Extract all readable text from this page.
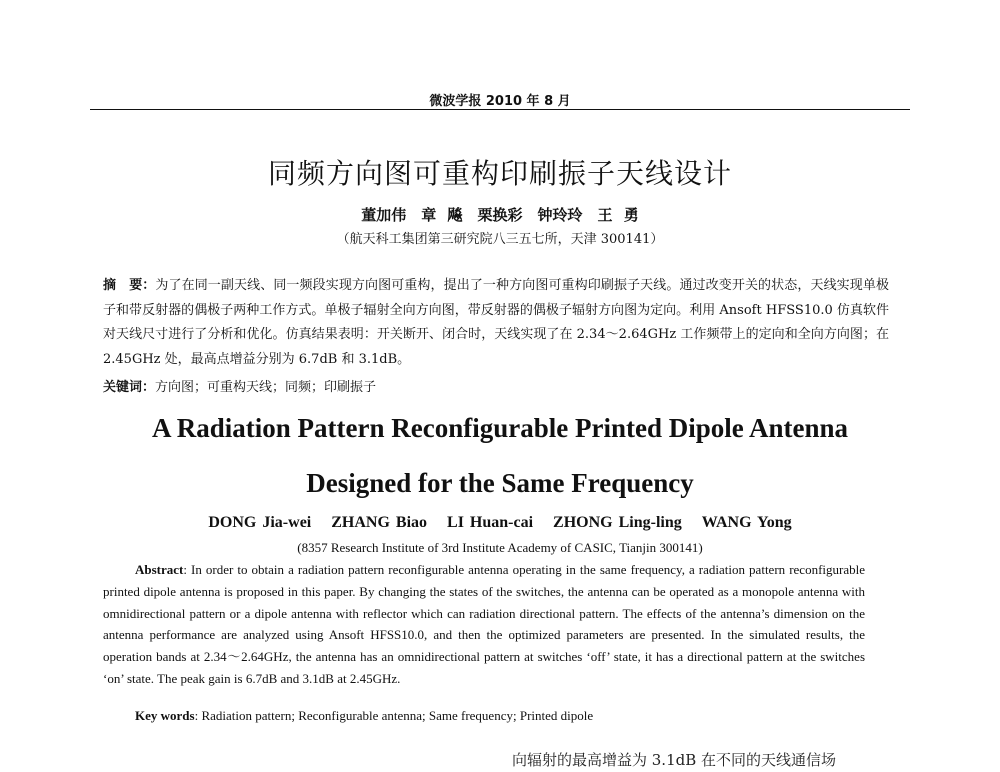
微波学报 2010 年 8 月
同频方向图可重构印刷振子天线设计
董加伟　章 飚　栗换彩　钟玲玲　王 勇
（航天科工集团第三研究院八三五七所，天津 300141）
摘　要：为了在同一副天线、同一频段实现方向图可重构，提出了一种方向图可重构印刷振子天线。通过改变开关的状态，天线实现单极子和带反射器的偶极子两种工作方式。单极子辐射全向方向图，带反射器的偶极子辐射方向图为定向。利用 Ansoft HFSS10.0 仿真软件对天线尺寸进行了分析和优化。仿真结果表明：开关断开、闭合时，天线实现了在 2.34～2.64GHz 工作频带上的定向和全向方向图；在 2.45GHz 处，最高点增益分别为 6.7dB 和 3.1dB。
关键词：方向图；可重构天线；同频；印刷振子
A Radiation Pattern Reconfigurable Printed Dipole Antenna
Designed for the Same Frequency
DONG Jia-wei ZHANG Biao LI Huan-cai ZHONG Ling-ling WANG Yong
(8357 Research Institute of 3rd Institute Academy of CASIC, Tianjin 300141)
Abstract: In order to obtain a radiation pattern reconfigurable antenna operating in the same frequency, a radiation pattern reconfigurable printed dipole antenna is proposed in this paper. By changing the states of the switches, the antenna can be operated as a monopole antenna with omnidirectional pattern or a dipole antenna with reflector which can radiation directional pattern. The effects of the antenna’s dimension on the antenna performance are analyzed using Ansoft HFSS10.0, and then the optimized parameters are presented. In the simulated results, the operation bands at 2.34～2.64GHz, the antenna has an omnidirectional pattern at switches ‘off’ state, it has a directional pattern at the switches ‘on’ state. The peak gain is 6.7dB and 3.1dB at 2.45GHz.
Key words: Radiation pattern; Reconfigurable antenna; Same frequency; Printed dipole
向辐射的最高增益为 3.1dB 在不同的天线通信场
